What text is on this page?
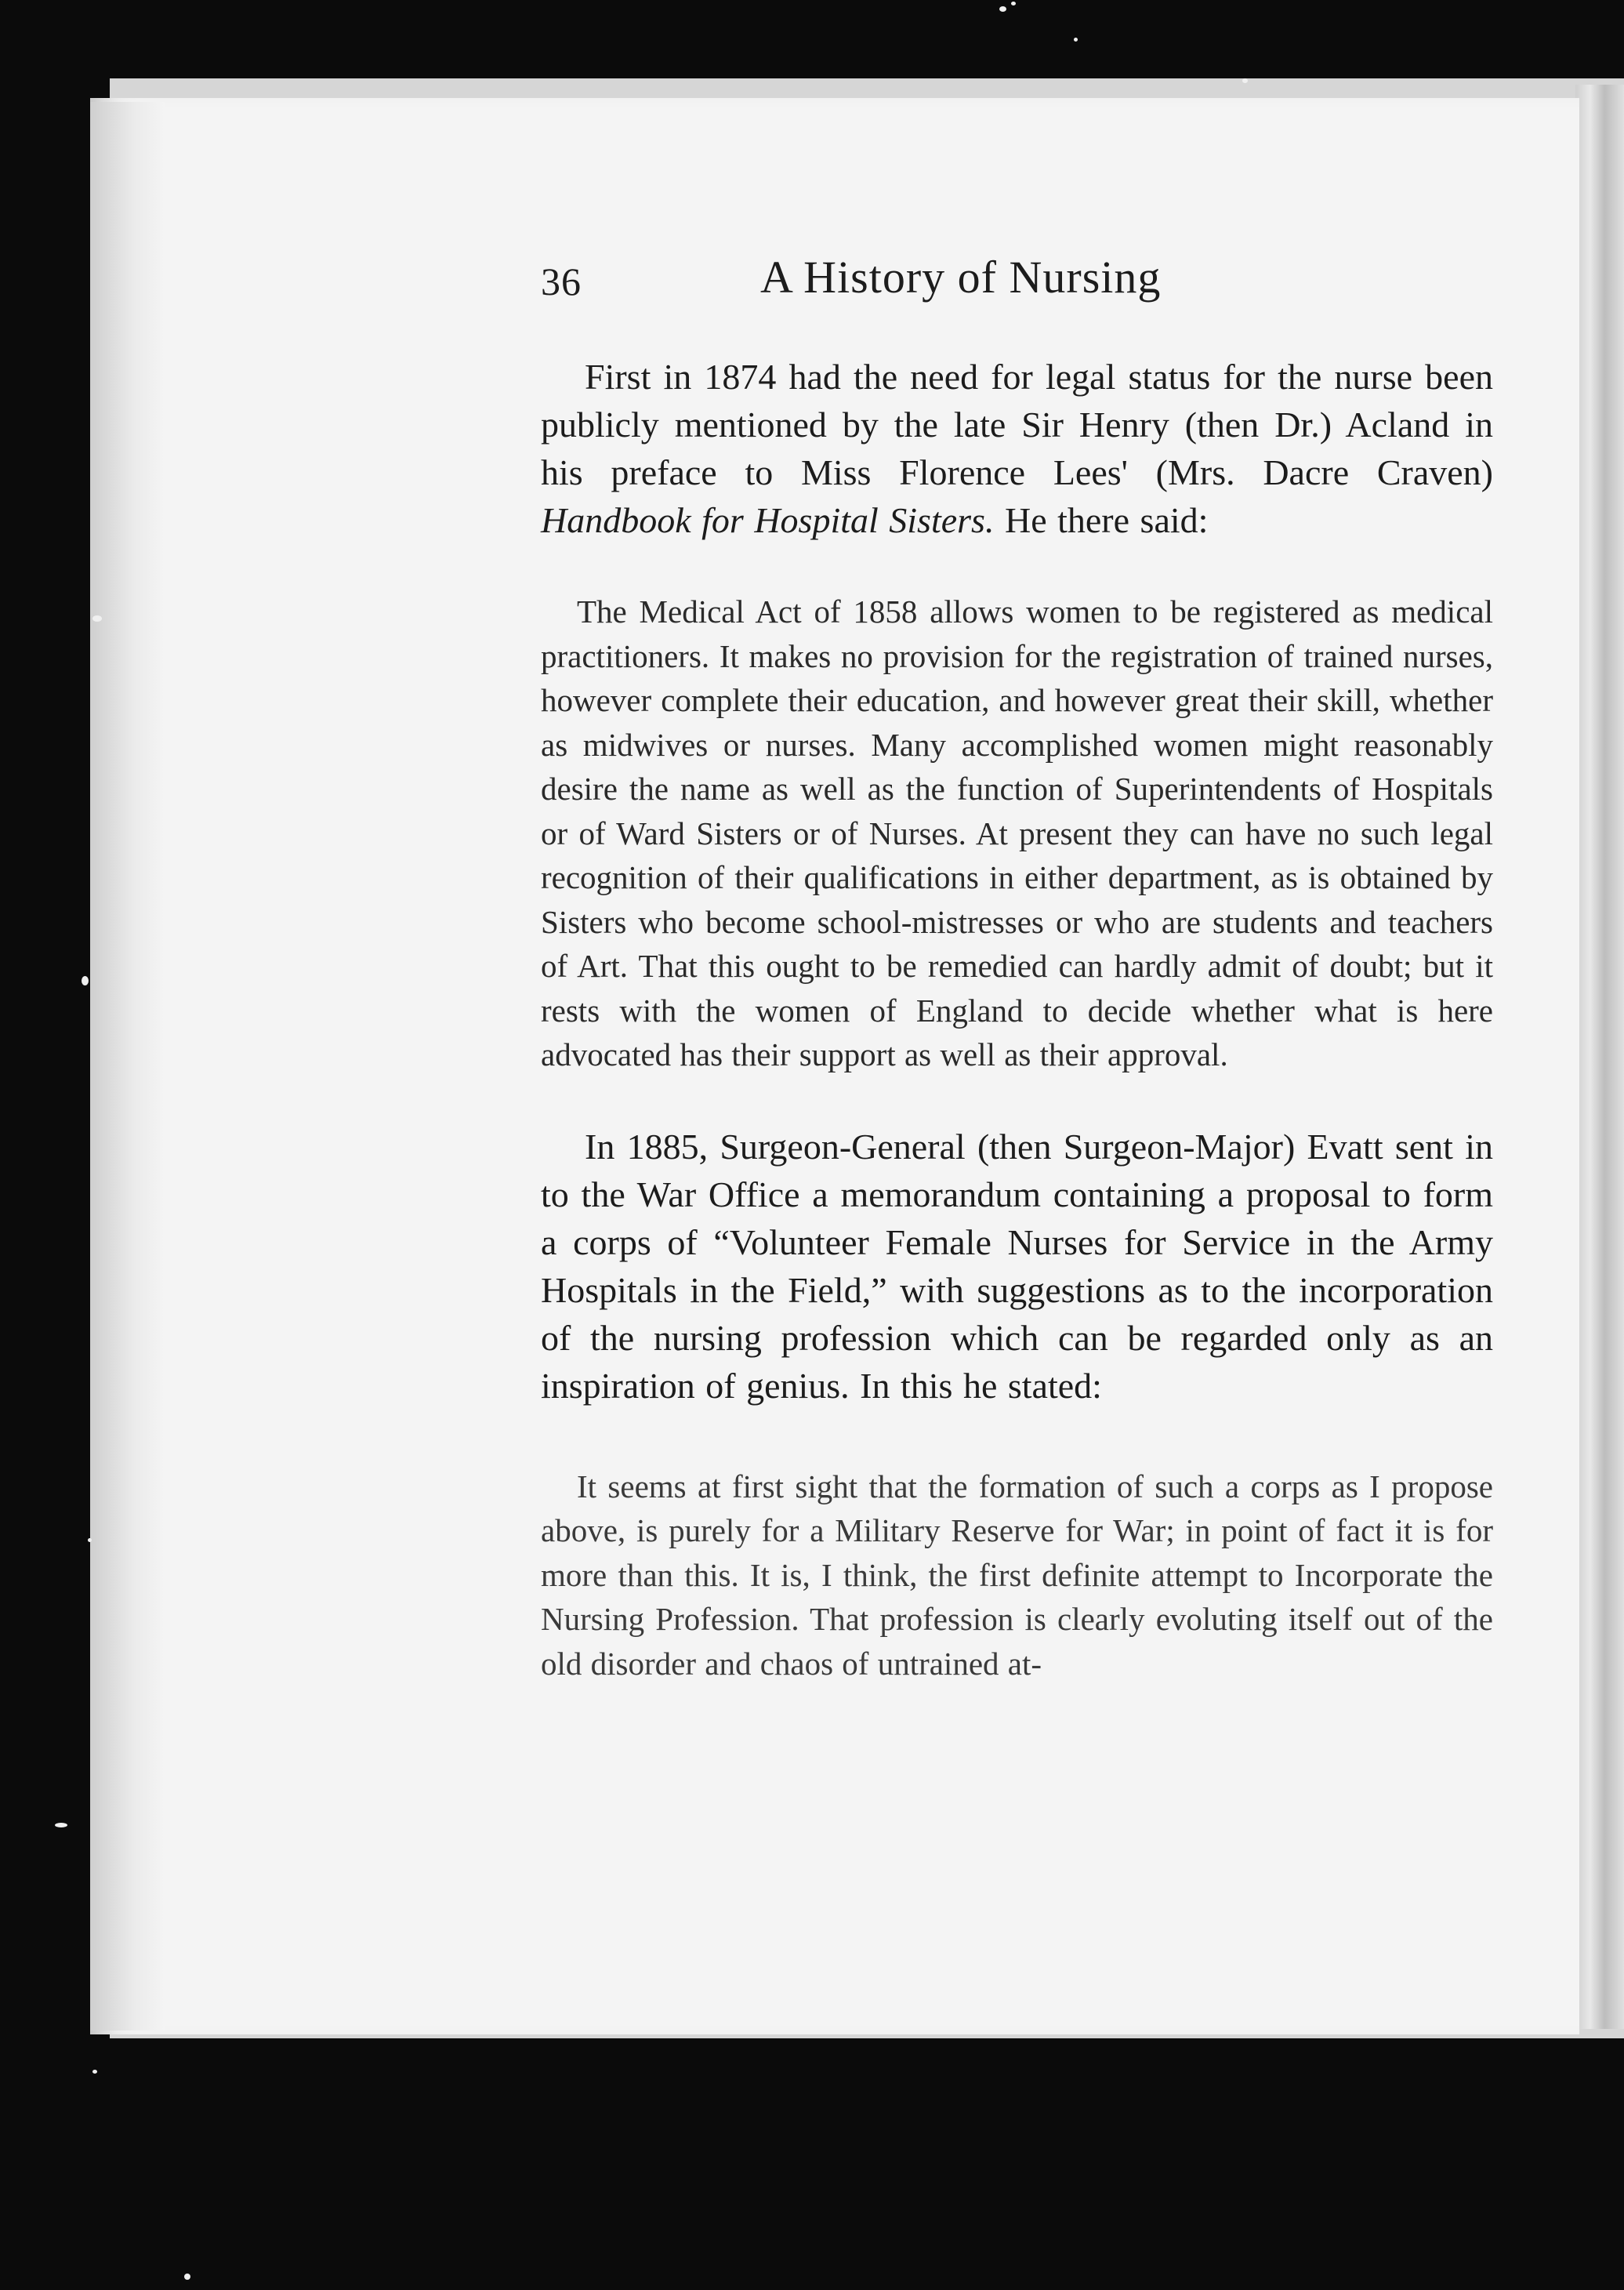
36	A History of Nursing

First in 1874 had the need for legal status for the nurse been publicly mentioned by the late Sir Henry (then Dr.) Acland in his preface to Miss Florence Lees' (Mrs. Dacre Craven) Handbook for Hospital Sisters. He there said:

The Medical Act of 1858 allows women to be registered as medical practitioners. It makes no provision for the registration of trained nurses, however complete their education, and however great their skill, whether as midwives or nurses. Many accomplished women might reasonably desire the name as well as the function of Superintendents of Hospitals or of Ward Sisters or of Nurses. At present they can have no such legal recognition of their qualifications in either department, as is obtained by Sisters who become school-mistresses or who are students and teachers of Art. That this ought to be remedied can hardly admit of doubt; but it rests with the women of England to decide whether what is here advocated has their support as well as their approval.

In 1885, Surgeon-General (then Surgeon-Major) Evatt sent in to the War Office a memorandum containing a proposal to form a corps of “Volunteer Female Nurses for Service in the Army Hospitals in the Field,” with suggestions as to the incorporation of the nursing profession which can be regarded only as an inspiration of genius. In this he stated:

It seems at first sight that the formation of such a corps as I propose above, is purely for a Military Reserve for War; in point of fact it is for more than this. It is, I think, the first definite attempt to Incorporate the Nursing Profession. That profession is clearly evoluting itself out of the old disorder and chaos of untrained at-
